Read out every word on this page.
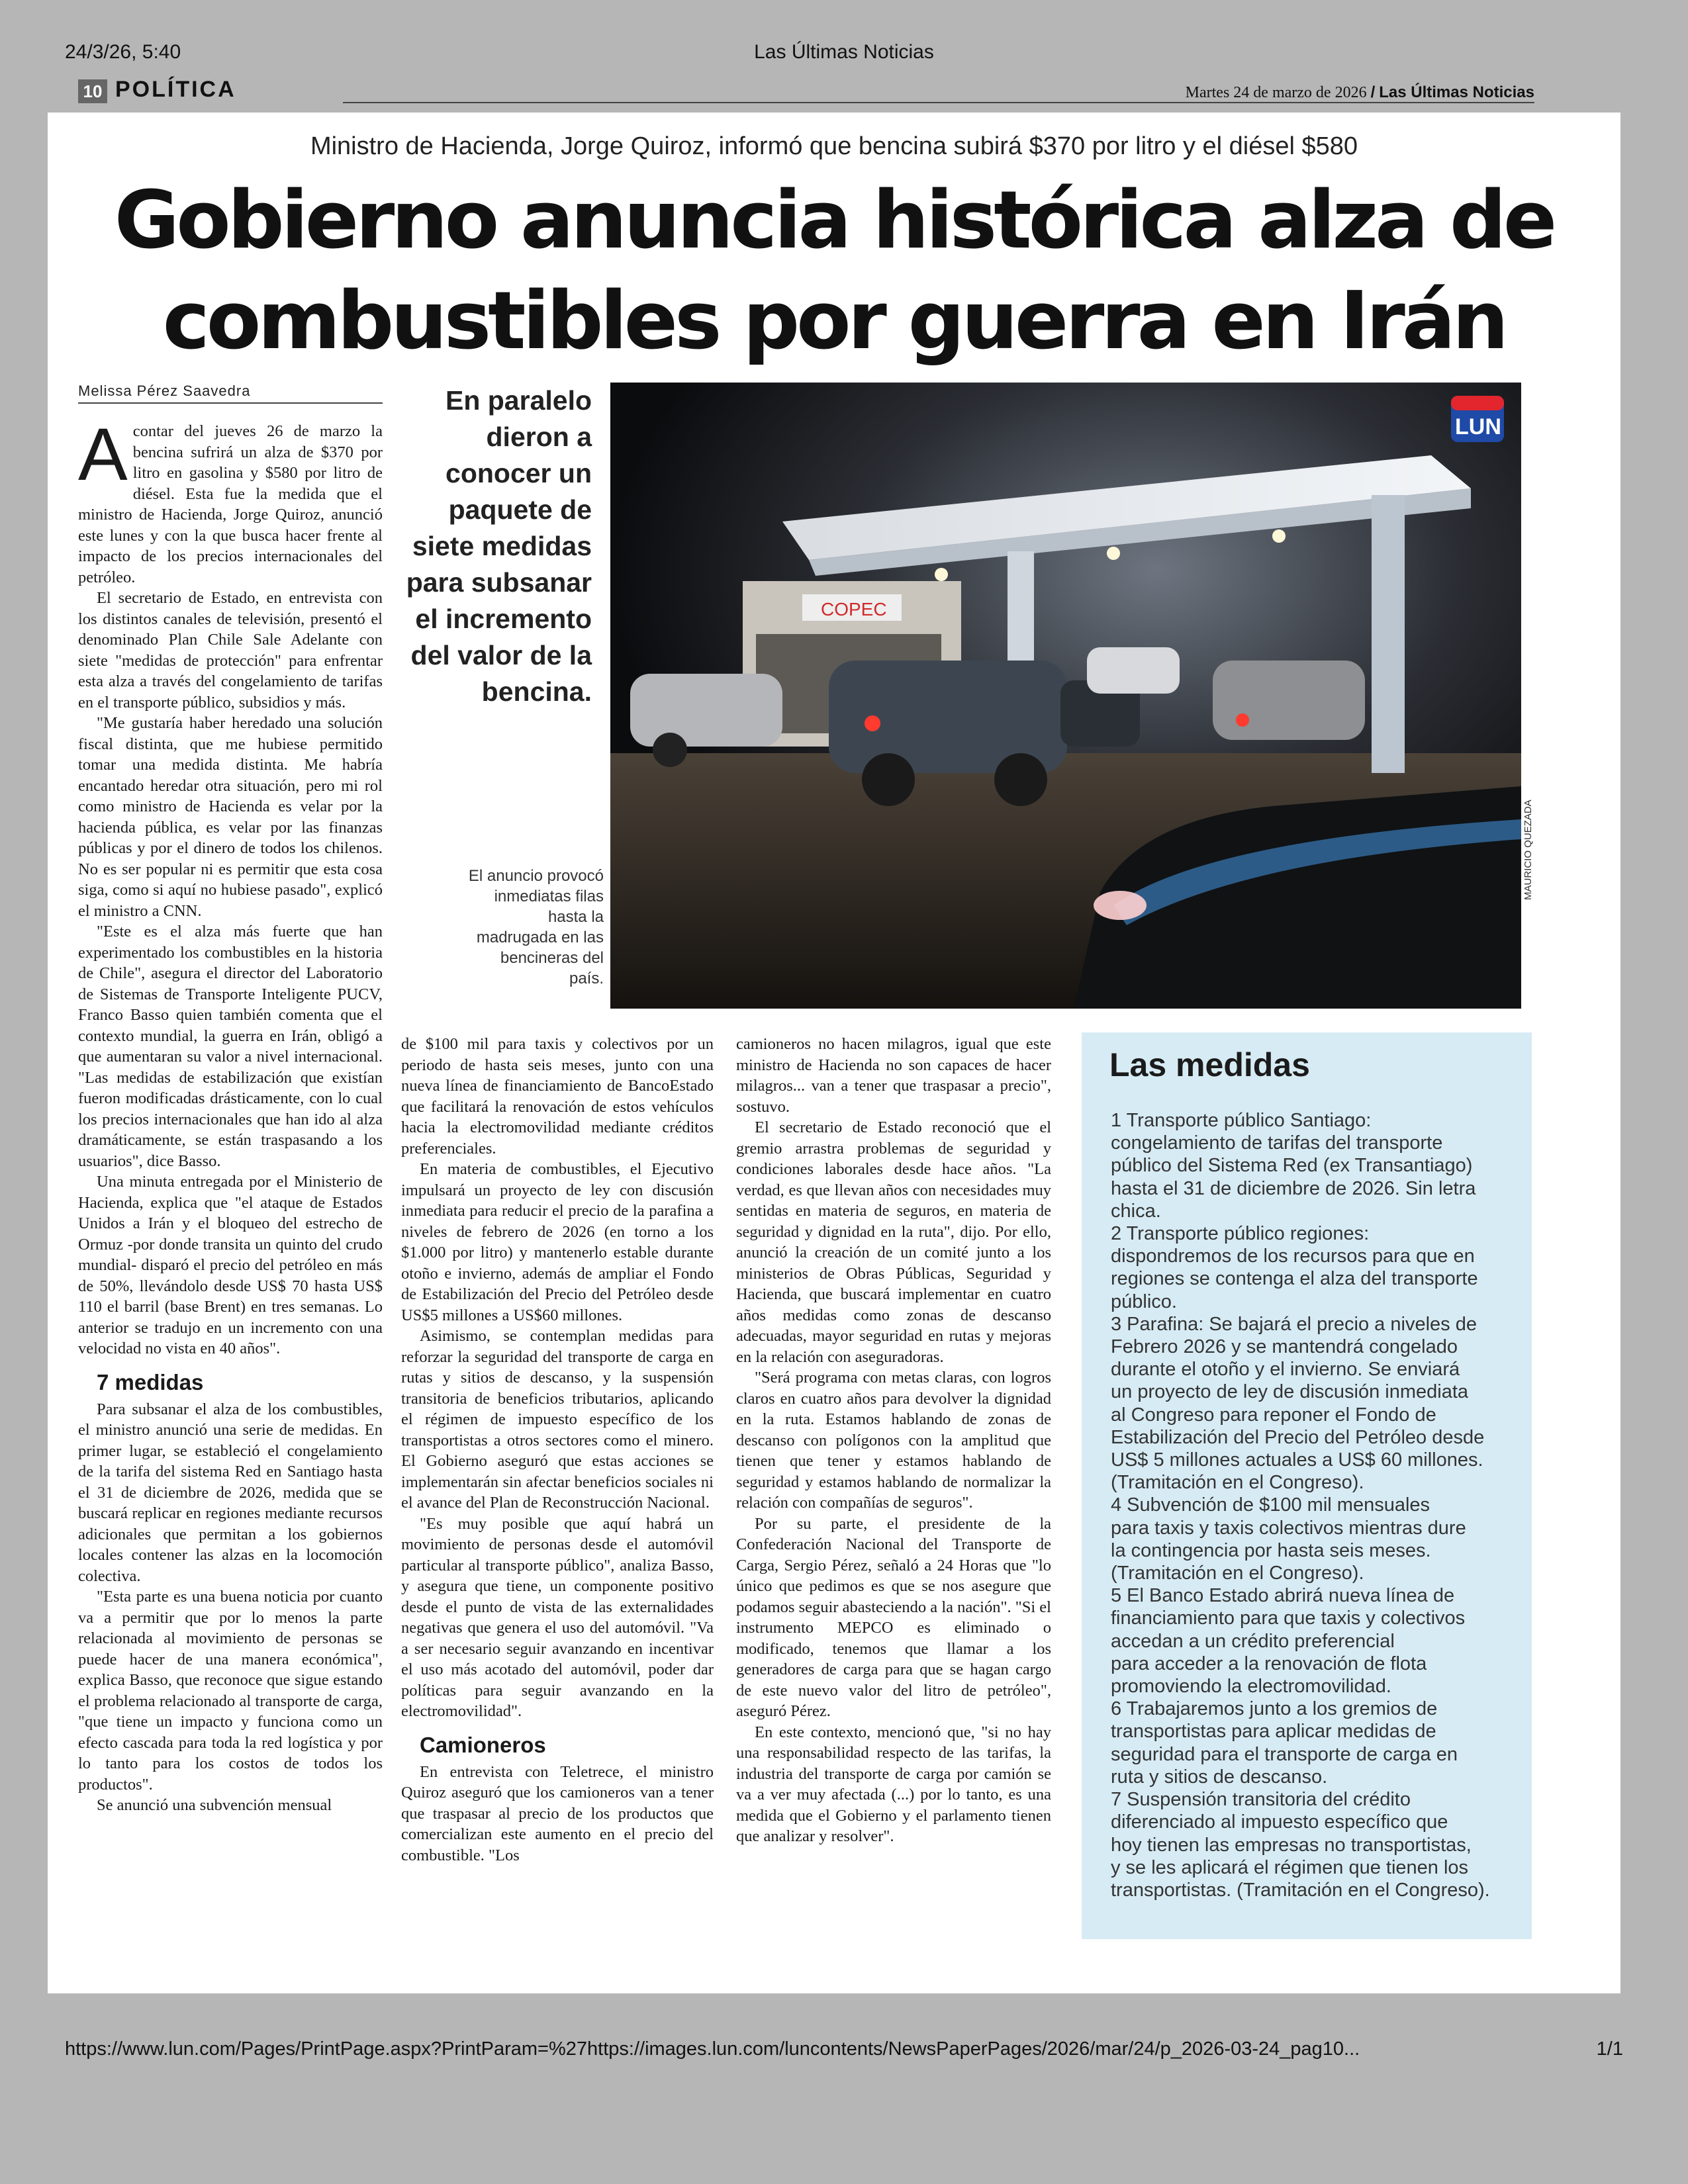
24/3/26, 5:40	Las Últimas Noticias
10 POLÍTICA	Martes 24 de marzo de 2026 / Las Últimas Noticias
Ministro de Hacienda, Jorge Quiroz, informó que bencina subirá $370 por litro y el diésel $580
Gobierno anuncia histórica alza de
combustibles por guerra en Irán
Melissa Pérez Saavedra

Acontar del jueves 26 de marzo la bencina sufrirá un alza de $370 por litro en gasolina y $580 por litro de diésel. Esta fue la medida que el ministro de Hacienda, Jorge Quiroz, anunció este lunes y con la que busca hacer frente al impacto de los precios internacionales del petróleo.

El secretario de Estado, en entrevista con los distintos canales de televisión, presentó el denominado Plan Chile Sale Adelante con siete "medidas de protección" para enfrentar esta alza a través del congelamiento de tarifas en el transporte público, subsidios y más.

"Me gustaría haber heredado una solución fiscal distinta, que me hubiese permitido tomar una medida distinta. Me habría encantado heredar otra situación, pero mi rol como ministro de Hacienda es velar por la hacienda pública, es velar por las finanzas públicas y por el dinero de todos los chilenos. No es ser popular ni es permitir que esta cosa siga, como si aquí no hubiese pasado", explicó el ministro a CNN.

"Este es el alza más fuerte que han experimentado los combustibles en la historia de Chile", asegura el director del Laboratorio de Sistemas de Transporte Inteligente PUCV, Franco Basso quien también comenta que el contexto mundial, la guerra en Irán, obligó a que aumentaran su valor a nivel internacional. "Las medidas de estabilización que existían fueron modificadas drásticamente, con lo cual los precios internacionales que han ido al alza dramáticamente, se están traspasando a los usuarios", dice Basso.

Una minuta entregada por el Ministerio de Hacienda, explica que "el ataque de Estados Unidos a Irán y el bloqueo del estrecho de Ormuz -por donde transita un quinto del crudo mundial- disparó el precio del petróleo en más de 50%, llevándolo desde US$ 70 hasta US$ 110 el barril (base Brent) en tres semanas. Lo anterior se tradujo en un incremento con una velocidad no vista en 40 años".

7 medidas

Para subsanar el alza de los combustibles, el ministro anunció una serie de medidas. En primer lugar, se estableció el congelamiento de la tarifa del sistema Red en Santiago hasta el 31 de diciembre de 2026, medida que se buscará replicar en regiones mediante recursos adicionales que permitan a los gobiernos locales contener las alzas en la locomoción colectiva.

"Esta parte es una buena noticia por cuanto va a permitir que por lo menos la parte relacionada al movimiento de personas se puede hacer de una manera económica", explica Basso, que reconoce que sigue estando el problema relacionado al transporte de carga, "que tiene un impacto y funciona como un efecto cascada para toda la red logística y por lo tanto para los costos de todos los productos".

Se anunció una subvención mensual

En paralelo dieron a conocer un paquete de siete medidas para subsanar el incremento del valor de la bencina.
El anuncio provocó inmediatas filas hasta la madrugada en las bencineras del país.
COPEC
LUN
MAURICIO QUEZADA

de $100 mil para taxis y colectivos por un periodo de hasta seis meses, junto con una nueva línea de financiamiento de BancoEstado que facilitará la renovación de estos vehículos hacia la electromovilidad mediante créditos preferenciales.

En materia de combustibles, el Ejecutivo impulsará un proyecto de ley con discusión inmediata para reducir el precio de la parafina a niveles de febrero de 2026 (en torno a los $1.000 por litro) y mantenerlo estable durante otoño e invierno, además de ampliar el Fondo de Estabilización del Precio del Petróleo desde US$5 millones a US$60 millones.

Asimismo, se contemplan medidas para reforzar la seguridad del transporte de carga en rutas y sitios de descanso, y la suspensión transitoria de beneficios tributarios, aplicando el régimen de impuesto específico de los transportistas a otros sectores como el minero. El Gobierno aseguró que estas acciones se implementarán sin afectar beneficios sociales ni el avance del Plan de Reconstrucción Nacional.

"Es muy posible que aquí habrá un movimiento de personas desde el automóvil particular al transporte público", analiza Basso, y asegura que tiene, un componente positivo desde el punto de vista de las externalidades negativas que genera el uso del automóvil. "Va a ser necesario seguir avanzando en incentivar el uso más acotado del automóvil, poder dar políticas para seguir avanzando en la electromovilidad".

Camioneros

En entrevista con Teletrece, el ministro Quiroz aseguró que los camioneros van a tener que traspasar al precio de los productos que comercializan este aumento en el precio del combustible. "Los

camioneros no hacen milagros, igual que este ministro de Hacienda no son capaces de hacer milagros... van a tener que traspasar a precio", sostuvo.

El secretario de Estado reconoció que el gremio arrastra problemas de seguridad y condiciones laborales desde hace años. "La verdad, es que llevan años con necesidades muy sentidas en materia de seguros, en materia de seguridad y dignidad en la ruta", dijo. Por ello, anunció la creación de un comité junto a los ministerios de Obras Públicas, Seguridad y Hacienda, que buscará implementar en cuatro años medidas como zonas de descanso adecuadas, mayor seguridad en rutas y mejoras en la relación con aseguradoras.

"Será programa con metas claras, con logros claros en cuatro años para devolver la dignidad en la ruta. Estamos hablando de zonas de descanso con polígonos con la amplitud que tienen que tener y estamos hablando de seguridad y estamos hablando de normalizar la relación con compañías de seguros".

Por su parte, el presidente de la Confederación Nacional del Transporte de Carga, Sergio Pérez, señaló a 24 Horas que "lo único que pedimos es que se nos asegure que podamos seguir abasteciendo a la nación". "Si el instrumento MEPCO es eliminado o modificado, tenemos que llamar a los generadores de carga para que se hagan cargo de este nuevo valor del litro de petróleo", aseguró Pérez.

En este contexto, mencionó que, "si no hay una responsabilidad respecto de las tarifas, la industria del transporte de carga por camión se va a ver muy afectada (...) por lo tanto, es una medida que el Gobierno y el parlamento tienen que analizar y resolver".

Las medidas
1 Transporte público Santiago:
congelamiento de tarifas del transporte
público del Sistema Red (ex Transantiago)
hasta el 31 de diciembre de 2026. Sin letra
chica.
2 Transporte público regiones:
dispondremos de los recursos para que en
regiones se contenga el alza del transporte
público.
3 Parafina: Se bajará el precio a niveles de
Febrero 2026 y se mantendrá congelado
durante el otoño y el invierno. Se enviará
un proyecto de ley de discusión inmediata
al Congreso para reponer el Fondo de
Estabilización del Precio del Petróleo desde
US$ 5 millones actuales a US$ 60 millones.
(Tramitación en el Congreso).
4 Subvención de $100 mil mensuales
para taxis y taxis colectivos mientras dure
la contingencia por hasta seis meses.
(Tramitación en el Congreso).
5 El Banco Estado abrirá nueva línea de
financiamiento para que taxis y colectivos
accedan a un crédito preferencial
para acceder a la renovación de flota
promoviendo la electromovilidad.
6 Trabajaremos junto a los gremios de
transportistas para aplicar medidas de
seguridad para el transporte de carga en
ruta y sitios de descanso.
7 Suspensión transitoria del crédito
diferenciado al impuesto específico que
hoy tienen las empresas no transportistas,
y se les aplicará el régimen que tienen los
transportistas. (Tramitación en el Congreso).
https://www.lun.com/Pages/PrintPage.aspx?PrintParam=%27https://images.lun.com/luncontents/NewsPaperPages/2026/mar/24/p_2026-03-24_pag10...	1/1
